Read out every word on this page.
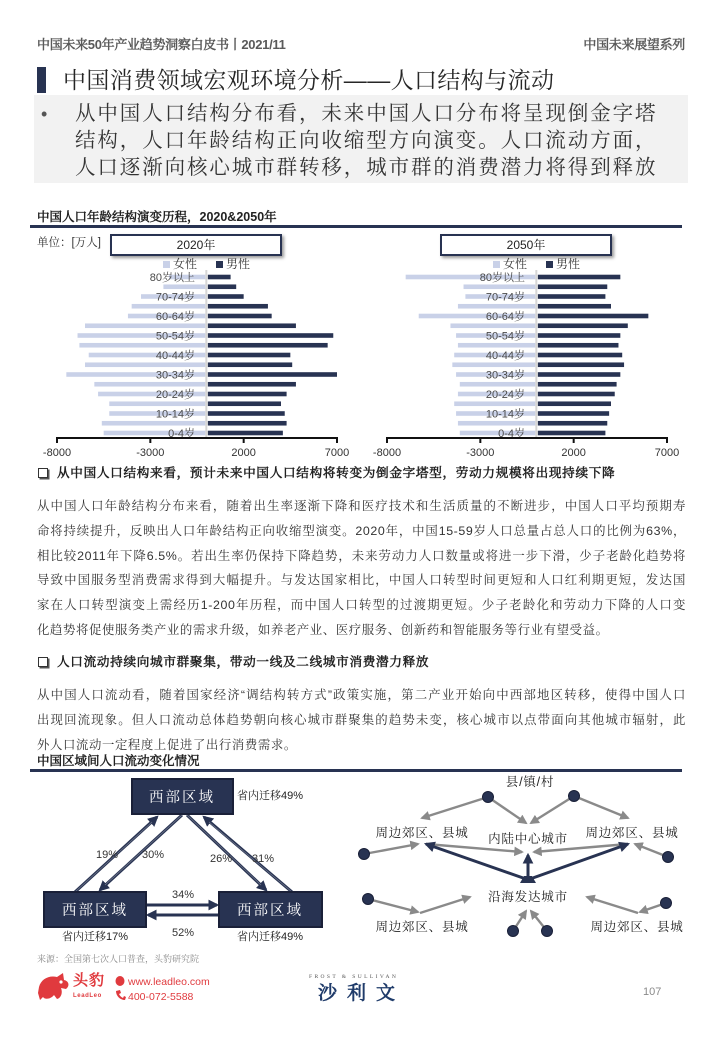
中国未来50年产业趋势洞察白皮书丨2021/11	中国未来展望系列
中国消费领域宏观环境分析——人口结构与流动
• 从中国人口结构分布看，未来中国人口分布将呈现倒金字塔
结构，人口年龄结构正向收缩型方向演变。人口流动方面，
人口逐渐向核心城市群转移，城市群的消费潜力将得到释放
中国人口年龄结构演变历程，2020&2050年
单位：[万人]	2020年	2050年
女性 男性	女性 男性
80岁以上
70-74岁
60-64岁
50-54岁
40-44岁
30-34岁
20-24岁
10-14岁
0-4岁
-8000	-3000	2000	7000
80岁以上
70-74岁
60-64岁
50-54岁
40-44岁
30-34岁
20-24岁
10-14岁
0-4岁
-8000	-3000	2000	7000
从中国人口结构来看，预计未来中国人口结构将转变为倒金字塔型，劳动力规模将出现持续下降
从中国人口年龄结构分布来看，随着出生率逐渐下降和医疗技术和生活质量的不断进步，中国人口平均预期寿
命将持续提升，反映出人口年龄结构正向收缩型演变。2020年，中国15-59岁人口总量占总人口的比例为63%，
相比较2011年下降6.5%。若出生率仍保持下降趋势，未来劳动力人口数量或将进一步下滑，少子老龄化趋势将
导致中国服务型消费需求得到大幅提升。与发达国家相比，中国人口转型时间更短和人口红利期更短，发达国
家在人口转型演变上需经历1-200年历程，而中国人口转型的过渡期更短。少子老龄化和劳动力下降的人口变
化趋势将促使服务类产业的需求升级，如养老产业、医疗服务、创新药和智能服务等行业有望受益。
人口流动持续向城市群聚集，带动一线及二线城市消费潜力释放
从中国人口流动看，随着国家经济“调结构转方式”政策实施，第二产业开始向中西部地区转移，使得中国人口
出现回流现象。但人口流动总体趋势朝向核心城市群聚集的趋势未变，核心城市以点带面向其他城市辐射，此
外人口流动一定程度上促进了出行消费需求。
中国区域间人口流动变化情况
西部区域
西部区域	西部区域
省内迁移49%
省内迁移17%	省内迁移49%
19% 30%	26% 31%
34%
52%
县/镇/村
周边郊区、县城	周边郊区、县城
内陆中心城市
沿海发达城市
周边郊区、县城	周边郊区、县城
来源：全国第七次人口普查，头豹研究院
头豹
LeadLeo
www.leadleo.com
400-072-5588
FROST & SULLIVAN
沙利文	107
